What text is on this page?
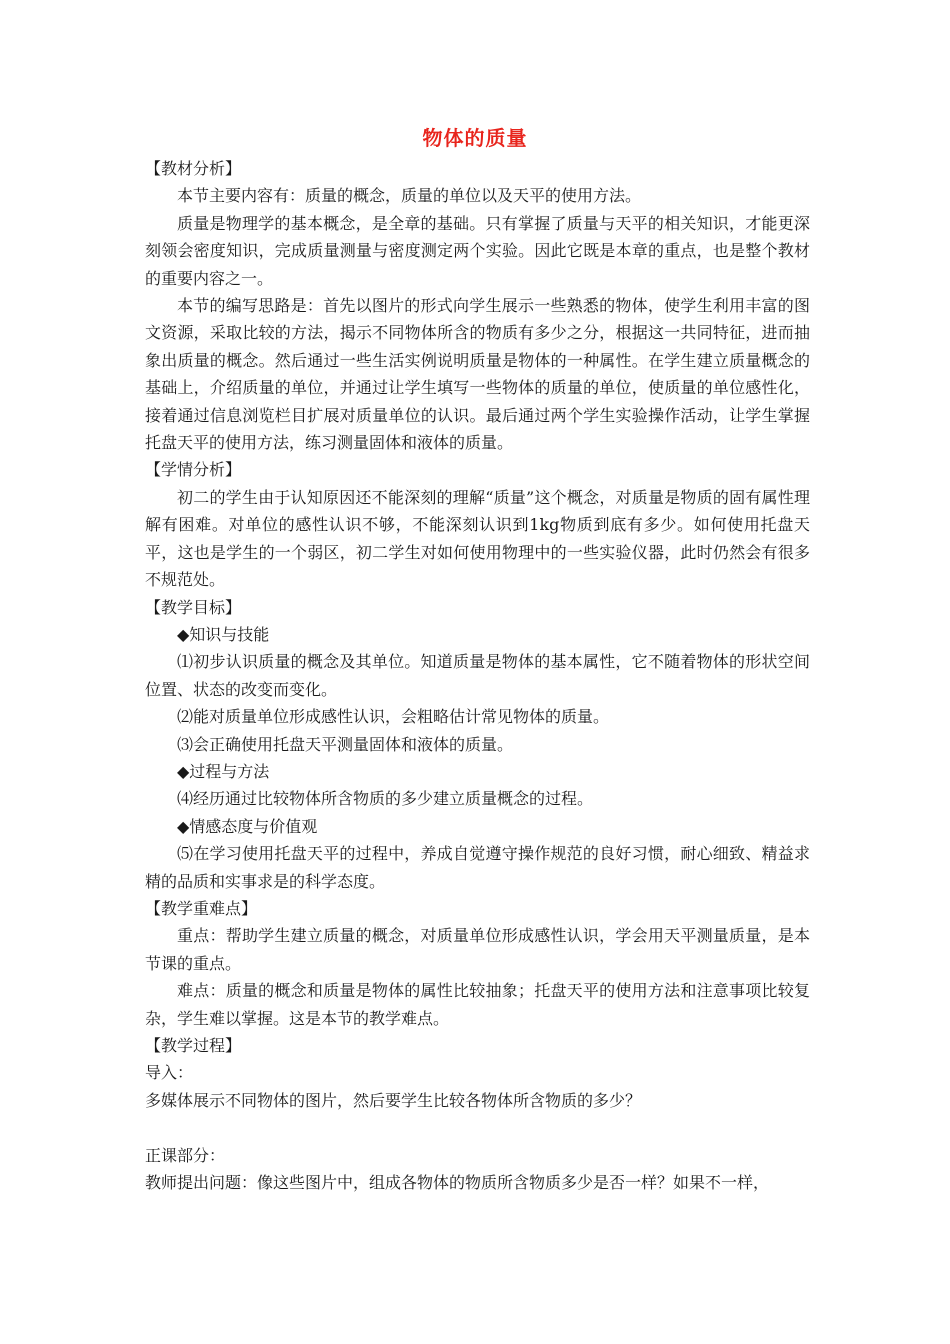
物体的质量

【教材分析】

本节主要内容有：质量的概念，质量的单位以及天平的使用方法。

质量是物理学的基本概念，是全章的基础。只有掌握了质量与天平的相关知识，才能更深刻领会密度知识，完成质量测量与密度测定两个实验。因此它既是本章的重点，也是整个教材的重要内容之一。

本节的编写思路是：首先以图片的形式向学生展示一些熟悉的物体，使学生利用丰富的图文资源，采取比较的方法，揭示不同物体所含的物质有多少之分，根据这一共同特征，进而抽象出质量的概念。然后通过一些生活实例说明质量是物体的一种属性。在学生建立质量概念的基础上，介绍质量的单位，并通过让学生填写一些物体的质量的单位，使质量的单位感性化，接着通过信息浏览栏目扩展对质量单位的认识。最后通过两个学生实验操作活动，让学生掌握托盘天平的使用方法，练习测量固体和液体的质量。

【学情分析】

初二的学生由于认知原因还不能深刻的理解“质量”这个概念，对质量是物质的固有属性理解有困难。对单位的感性认识不够，不能深刻认识到1kg物质到底有多少。如何使用托盘天平，这也是学生的一个弱区，初二学生对如何使用物理中的一些实验仪器，此时仍然会有很多不规范处。

【教学目标】

◆知识与技能

⑴初步认识质量的概念及其单位。知道质量是物体的基本属性，它不随着物体的形状空间位置、状态的改变而变化。

⑵能对质量单位形成感性认识，会粗略估计常见物体的质量。

⑶会正确使用托盘天平测量固体和液体的质量。

◆过程与方法

⑷经历通过比较物体所含物质的多少建立质量概念的过程。

◆情感态度与价值观

⑸在学习使用托盘天平的过程中，养成自觉遵守操作规范的良好习惯，耐心细致、精益求精的品质和实事求是的科学态度。

【教学重难点】

重点：帮助学生建立质量的概念，对质量单位形成感性认识，学会用天平测量质量，是本节课的重点。

难点：质量的概念和质量是物体的属性比较抽象；托盘天平的使用方法和注意事项比较复杂，学生难以掌握。这是本节的教学难点。

【教学过程】

导入：

多媒体展示不同物体的图片，然后要学生比较各物体所含物质的多少？

正课部分：

教师提出问题：像这些图片中，组成各物体的物质所含物质多少是否一样？如果不一样，
